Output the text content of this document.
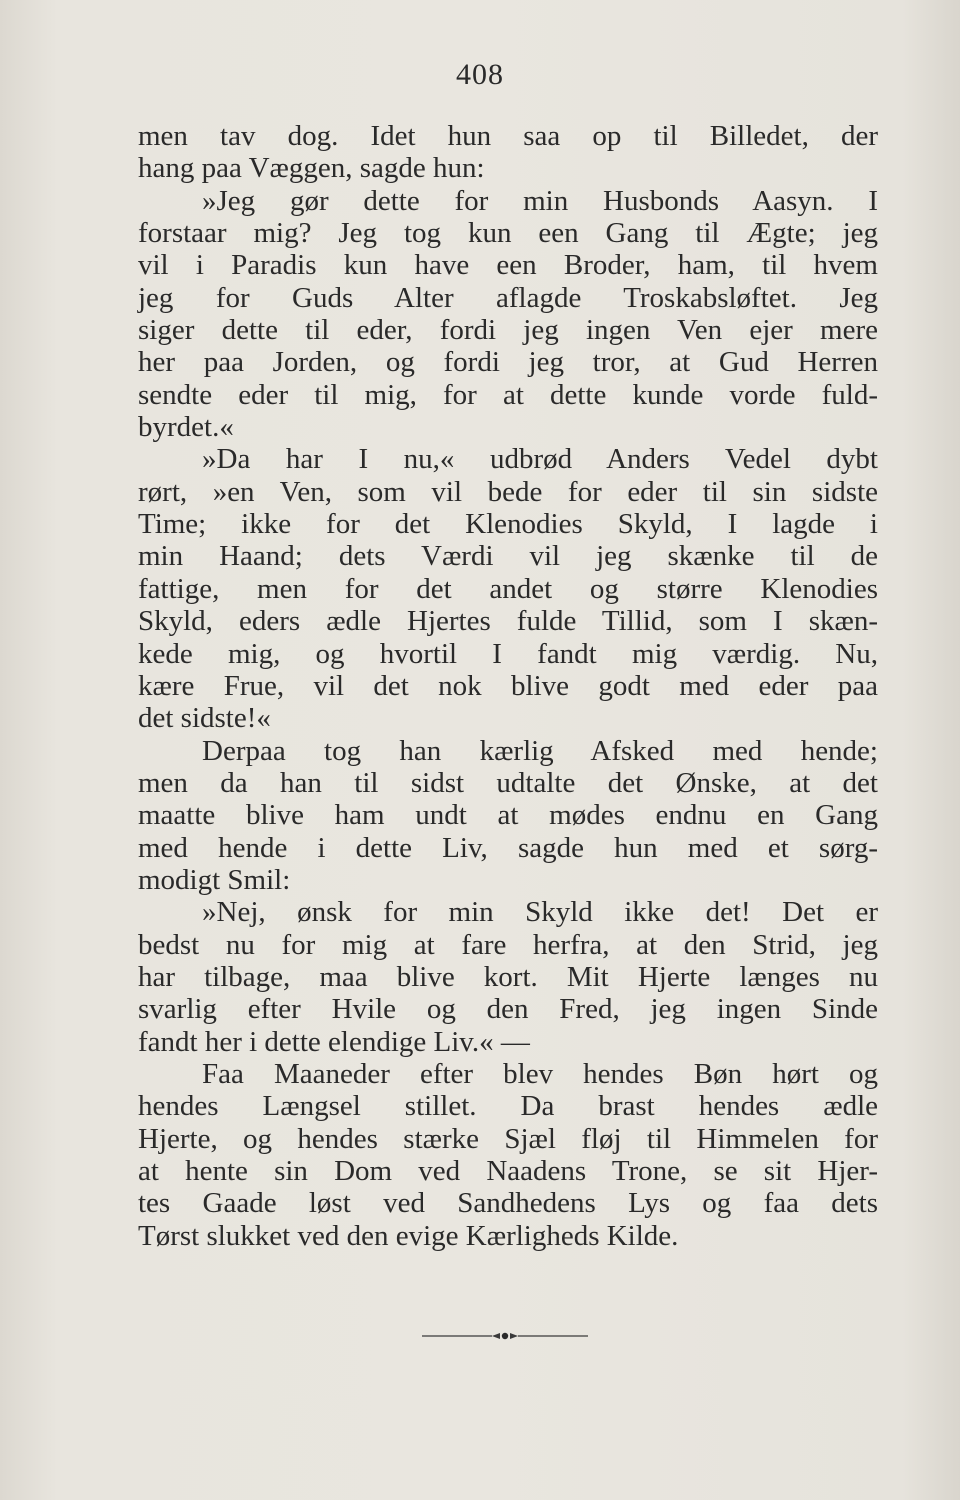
408
men tav dog. Idet hun saa op til Billedet, der
hang paa Væggen, sagde hun:
»Jeg gør dette for min Husbonds Aasyn. I
forstaar mig? Jeg tog kun een Gang til Ægte; jeg
vil i Paradis kun have een Broder, ham, til hvem
jeg for Guds Alter aflagde Troskabsløftet. Jeg
siger dette til eder, fordi jeg ingen Ven ejer mere
her paa Jorden, og fordi jeg tror, at Gud Herren
sendte eder til mig, for at dette kunde vorde fuld-
byrdet.«
»Da har I nu,« udbrød Anders Vedel dybt
rørt, »en Ven, som vil bede for eder til sin sidste
Time; ikke for det Klenodies Skyld, I lagde i
min Haand; dets Værdi vil jeg skænke til de
fattige, men for det andet og større Klenodies
Skyld, eders ædle Hjertes fulde Tillid, som I skæn-
kede mig, og hvortil I fandt mig værdig. Nu,
kære Frue, vil det nok blive godt med eder paa
det sidste!«
Derpaa tog han kærlig Afsked med hende;
men da han til sidst udtalte det Ønske, at det
maatte blive ham undt at mødes endnu en Gang
med hende i dette Liv, sagde hun med et sørg-
modigt Smil:
»Nej, ønsk for min Skyld ikke det! Det er
bedst nu for mig at fare herfra, at den Strid, jeg
har tilbage, maa blive kort. Mit Hjerte længes nu
svarlig efter Hvile og den Fred, jeg ingen Sinde
fandt her i dette elendige Liv.« —
Faa Maaneder efter blev hendes Bøn hørt og
hendes Længsel stillet. Da brast hendes ædle
Hjerte, og hendes stærke Sjæl fløj til Himmelen for
at hente sin Dom ved Naadens Trone, se sit Hjer-
tes Gaade løst ved Sandhedens Lys og faa dets
Tørst slukket ved den evige Kærligheds Kilde.
